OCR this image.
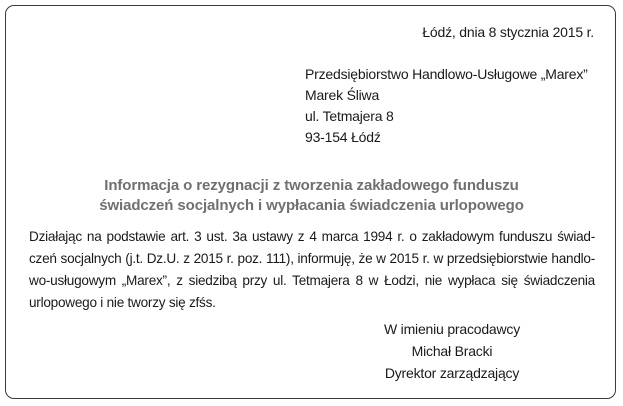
Łódź, dnia 8 stycznia 2015 r.
Przedsiębiorstwo Handlowo-Usługowe „Marex”
Marek Śliwa
ul. Tetmajera 8
93-154 Łódź
Informacja o rezygnacji z tworzenia zakładowego funduszu
świadczeń socjalnych i wypłacania świadczenia urlopowego
Działając na podstawie art. 3 ust. 3a ustawy z 4 marca 1994 r. o zakładowym funduszu świad-
czeń socjalnych (j.t. Dz.U. z 2015 r. poz. 111), informuję, że w 2015 r. w przedsiębiorstwie handlo-
wo-usługowym „Marex”, z siedzibą przy ul. Tetmajera 8 w Łodzi, nie wypłaca się świadczenia
urlopowego i nie tworzy się zfśs.
W imieniu pracodawcy
Michał Bracki
Dyrektor zarządzający
